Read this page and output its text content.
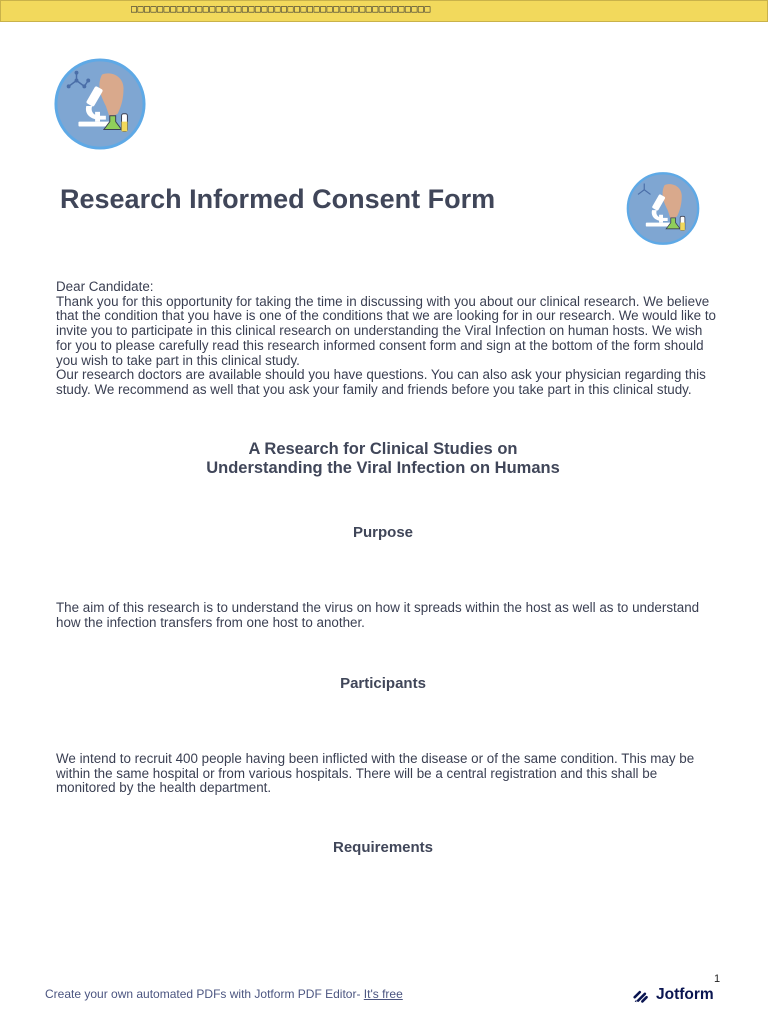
□□□□□□□□□□□□□□□□□□□□□□□□□□□□□□□□□□□□□□□□□□□□□□
Research Informed Consent Form

Dear Candidate:

Thank you for this opportunity for taking the time in discussing with you about our clinical research. We believe that the condition that you have is one of the conditions that we are looking for in our research. We would like to invite you to participate in this clinical research on understanding the Viral Infection on human hosts. We wish for you to please carefully read this research informed consent form and sign at the bottom of the form should you wish to take part in this clinical study.

Our research doctors are available should you have questions. You can also ask your physician regarding this study. We recommend as well that you ask your family and friends before you take part in this clinical study.

A Research for Clinical Studies on
Understanding the Viral Infection on Humans
Purpose

The aim of this research is to understand the virus on how it spreads within the host as well as to understand how the infection transfers from one host to another.

Participants

We intend to recruit 400 people having been inflicted with the disease or of the same condition. This may be within the same hospital or from various hospitals. There will be a central registration and this shall be monitored by the health department.

Requirements
1
Create your own automated PDFs with Jotform PDF Editor- It's free	Jotform
